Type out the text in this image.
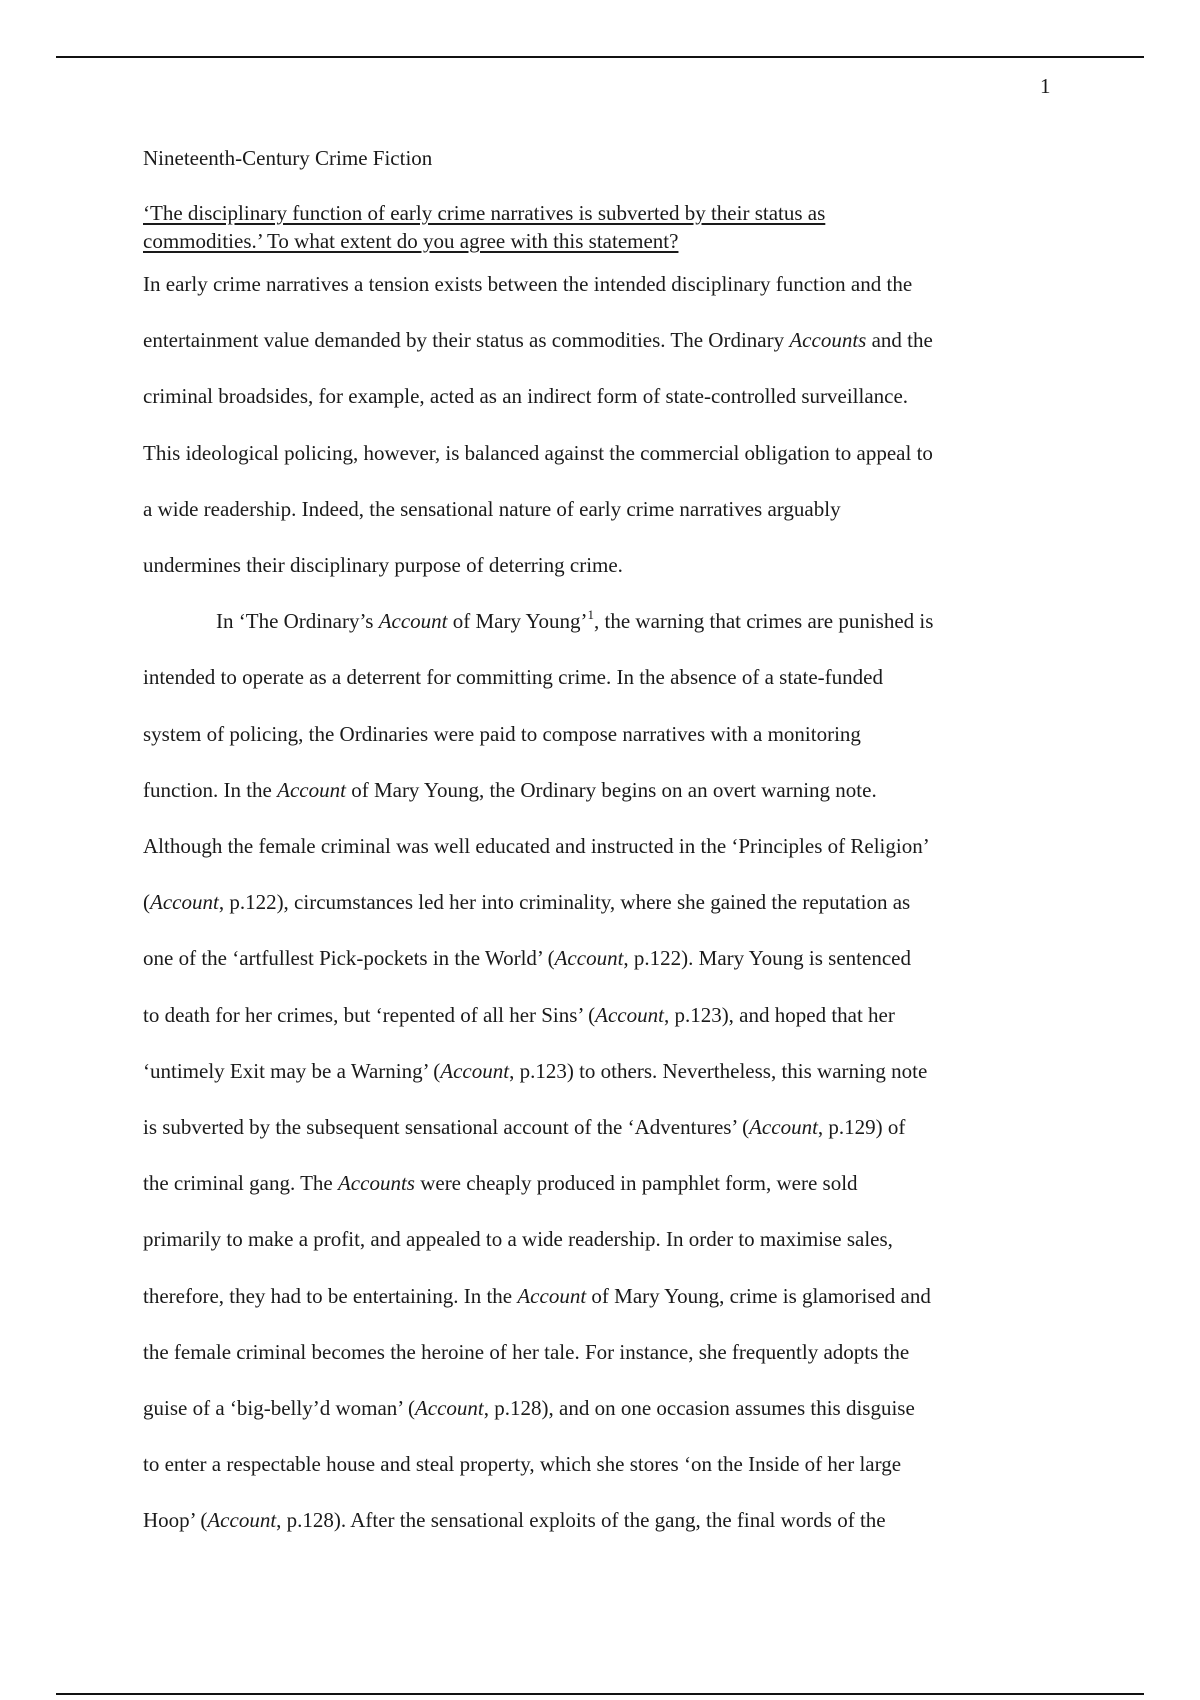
1
Nineteenth-Century Crime Fiction
‘The disciplinary function of early crime narratives is subverted by their status as
commodities.’ To what extent do you agree with this statement?
In early crime narratives a tension exists between the intended disciplinary function and the
entertainment value demanded by their status as commodities. The Ordinary Accounts and the
criminal broadsides, for example, acted as an indirect form of state-controlled surveillance.
This ideological policing, however, is balanced against the commercial obligation to appeal to
a wide readership. Indeed, the sensational nature of early crime narratives arguably
undermines their disciplinary purpose of deterring crime.
In ‘The Ordinary’s Account of Mary Young’$^1$, the warning that crimes are punished is
intended to operate as a deterrent for committing crime. In the absence of a state-funded
system of policing, the Ordinaries were paid to compose narratives with a monitoring
function. In the Account of Mary Young, the Ordinary begins on an overt warning note.
Although the female criminal was well educated and instructed in the ‘Principles of Religion’
(Account, p.122), circumstances led her into criminality, where she gained the reputation as
one of the ‘artfullest Pick-pockets in the World’ (Account, p.122). Mary Young is sentenced
to death for her crimes, but ‘repented of all her Sins’ (Account, p.123), and hoped that her
‘untimely Exit may be a Warning’ (Account, p.123) to others. Nevertheless, this warning note
is subverted by the subsequent sensational account of the ‘Adventures’ (Account, p.129) of
the criminal gang. The Accounts were cheaply produced in pamphlet form, were sold
primarily to make a profit, and appealed to a wide readership. In order to maximise sales,
therefore, they had to be entertaining. In the Account of Mary Young, crime is glamorised and
the female criminal becomes the heroine of her tale. For instance, she frequently adopts the
guise of a ‘big-belly’d woman’ (Account, p.128), and on one occasion assumes this disguise
to enter a respectable house and steal property, which she stores ‘on the Inside of her large
Hoop’ (Account, p.128). After the sensational exploits of the gang, the final words of the
